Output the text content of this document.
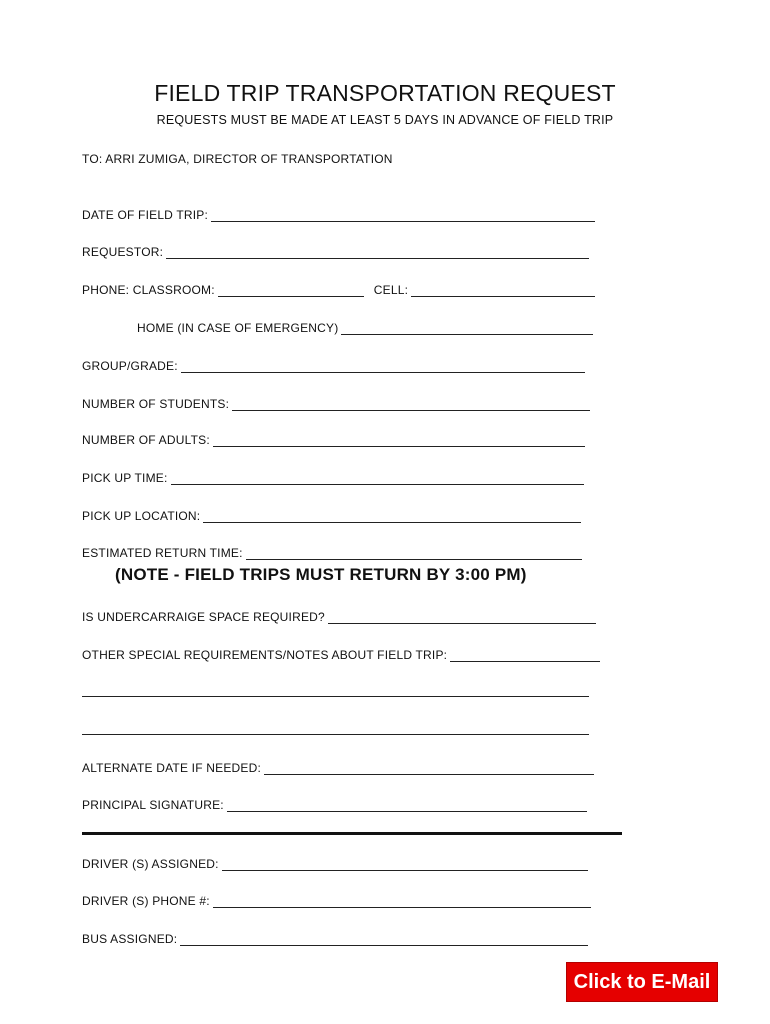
FIELD TRIP TRANSPORTATION REQUEST
REQUESTS MUST BE MADE AT LEAST 5 DAYS IN ADVANCE OF FIELD TRIP
TO: ARRI ZUMIGA, DIRECTOR OF TRANSPORTATION
DATE OF FIELD TRIP:
REQUESTOR:
PHONE: CLASSROOM:	CELL:
HOME (IN CASE OF EMERGENCY)
GROUP/GRADE:
NUMBER OF STUDENTS:
NUMBER OF ADULTS:
PICK UP TIME:
PICK UP LOCATION:
ESTIMATED RETURN TIME:
(NOTE - FIELD TRIPS MUST RETURN BY 3:00 PM)
IS UNDERCARRAIGE SPACE REQUIRED?
OTHER SPECIAL REQUIREMENTS/NOTES ABOUT FIELD TRIP:
ALTERNATE DATE IF NEEDED:
PRINCIPAL SIGNATURE:
DRIVER (S) ASSIGNED:
DRIVER (S) PHONE #:
BUS ASSIGNED:
Click to E-Mail
